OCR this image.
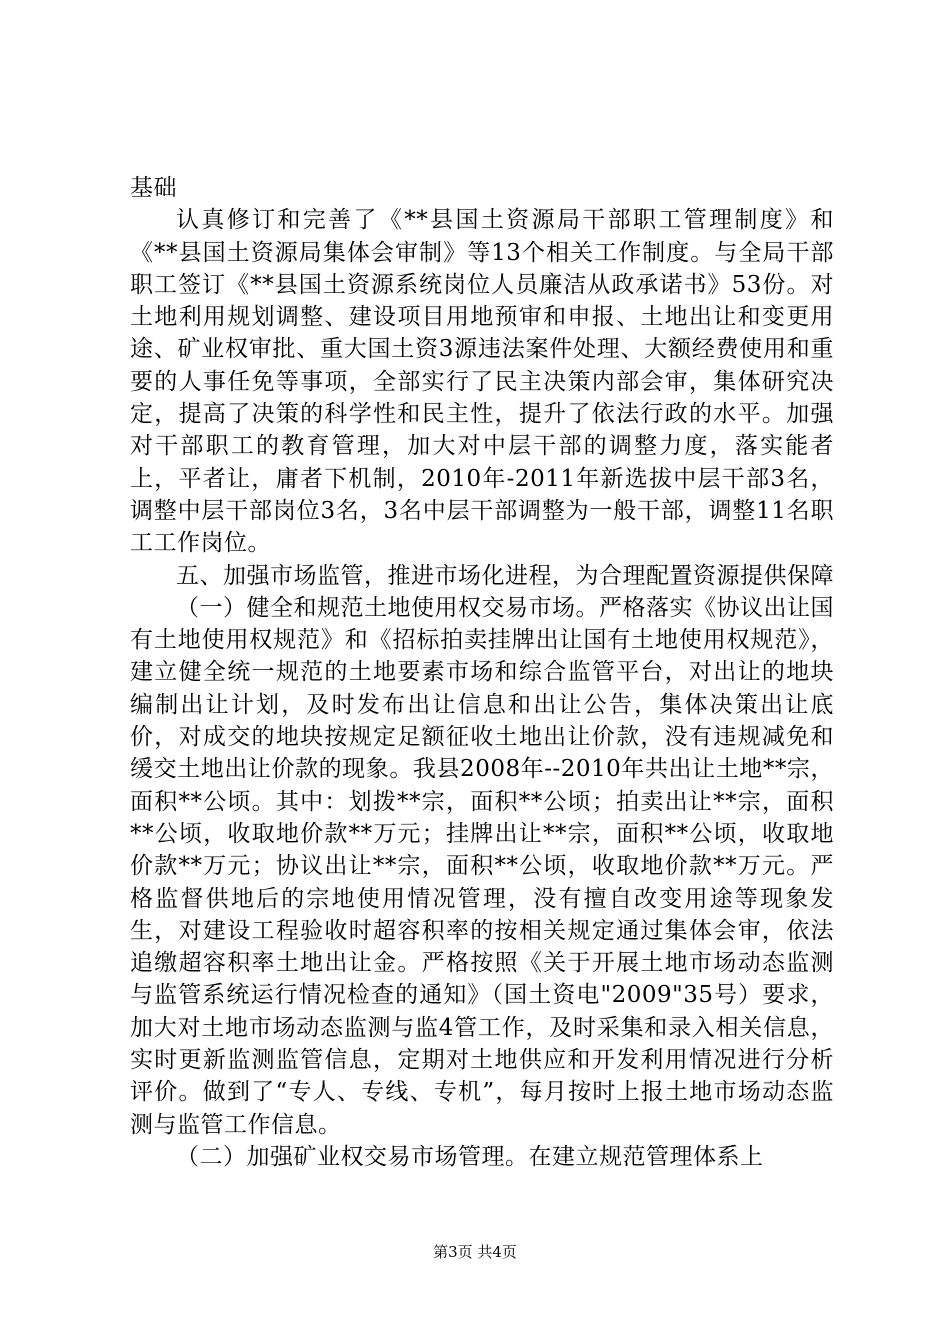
基础

认真修订和完善了《**县国土资源局干部职工管理制度》和《**县国土资源局集体会审制》等13个相关工作制度。与全局干部职工签订《**县国土资源系统岗位人员廉洁从政承诺书》53份。对土地利用规划调整、建设项目用地预审和申报、土地出让和变更用途、矿业权审批、重大国土资3源违法案件处理、大额经费使用和重要的人事任免等事项，全部实行了民主决策内部会审，集体研究决定，提高了决策的科学性和民主性，提升了依法行政的水平。加强对干部职工的教育管理，加大对中层干部的调整力度，落实能者上，平者让，庸者下机制，2010年-2011年新选拔中层干部3名，调整中层干部岗位3名，3名中层干部调整为一般干部，调整11名职工工作岗位。

五、加强市场监管，推进市场化进程，为合理配置资源提供保障

（一）健全和规范土地使用权交易市场。严格落实《协议出让国有土地使用权规范》和《招标拍卖挂牌出让国有土地使用权规范》，建立健全统一规范的土地要素市场和综合监管平台，对出让的地块编制出让计划，及时发布出让信息和出让公告，集体决策出让底价，对成交的地块按规定足额征收土地出让价款，没有违规减免和缓交土地出让价款的现象。我县2008年--2010年共出让土地**宗，面积**公顷。其中：划拨**宗，面积**公顷；拍卖出让**宗，面积**公顷，收取地价款**万元；挂牌出让**宗，面积**公顷，收取地价款**万元；协议出让**宗，面积**公顷，收取地价款**万元。严格监督供地后的宗地使用情况管理，没有擅自改变用途等现象发生，对建设工程验收时超容积率的按相关规定通过集体会审，依法追缴超容积率土地出让金。严格按照《关于开展土地市场动态监测与监管系统运行情况检查的通知》（国土资电"2009"35号）要求，加大对土地市场动态监测与监4管工作，及时采集和录入相关信息，实时更新监测监管信息，定期对土地供应和开发利用情况进行分析评价。做到了“专人、专线、专机”，每月按时上报土地市场动态监测与监管工作信息。

（二）加强矿业权交易市场管理。在建立规范管理体系上

第3页 共4页
